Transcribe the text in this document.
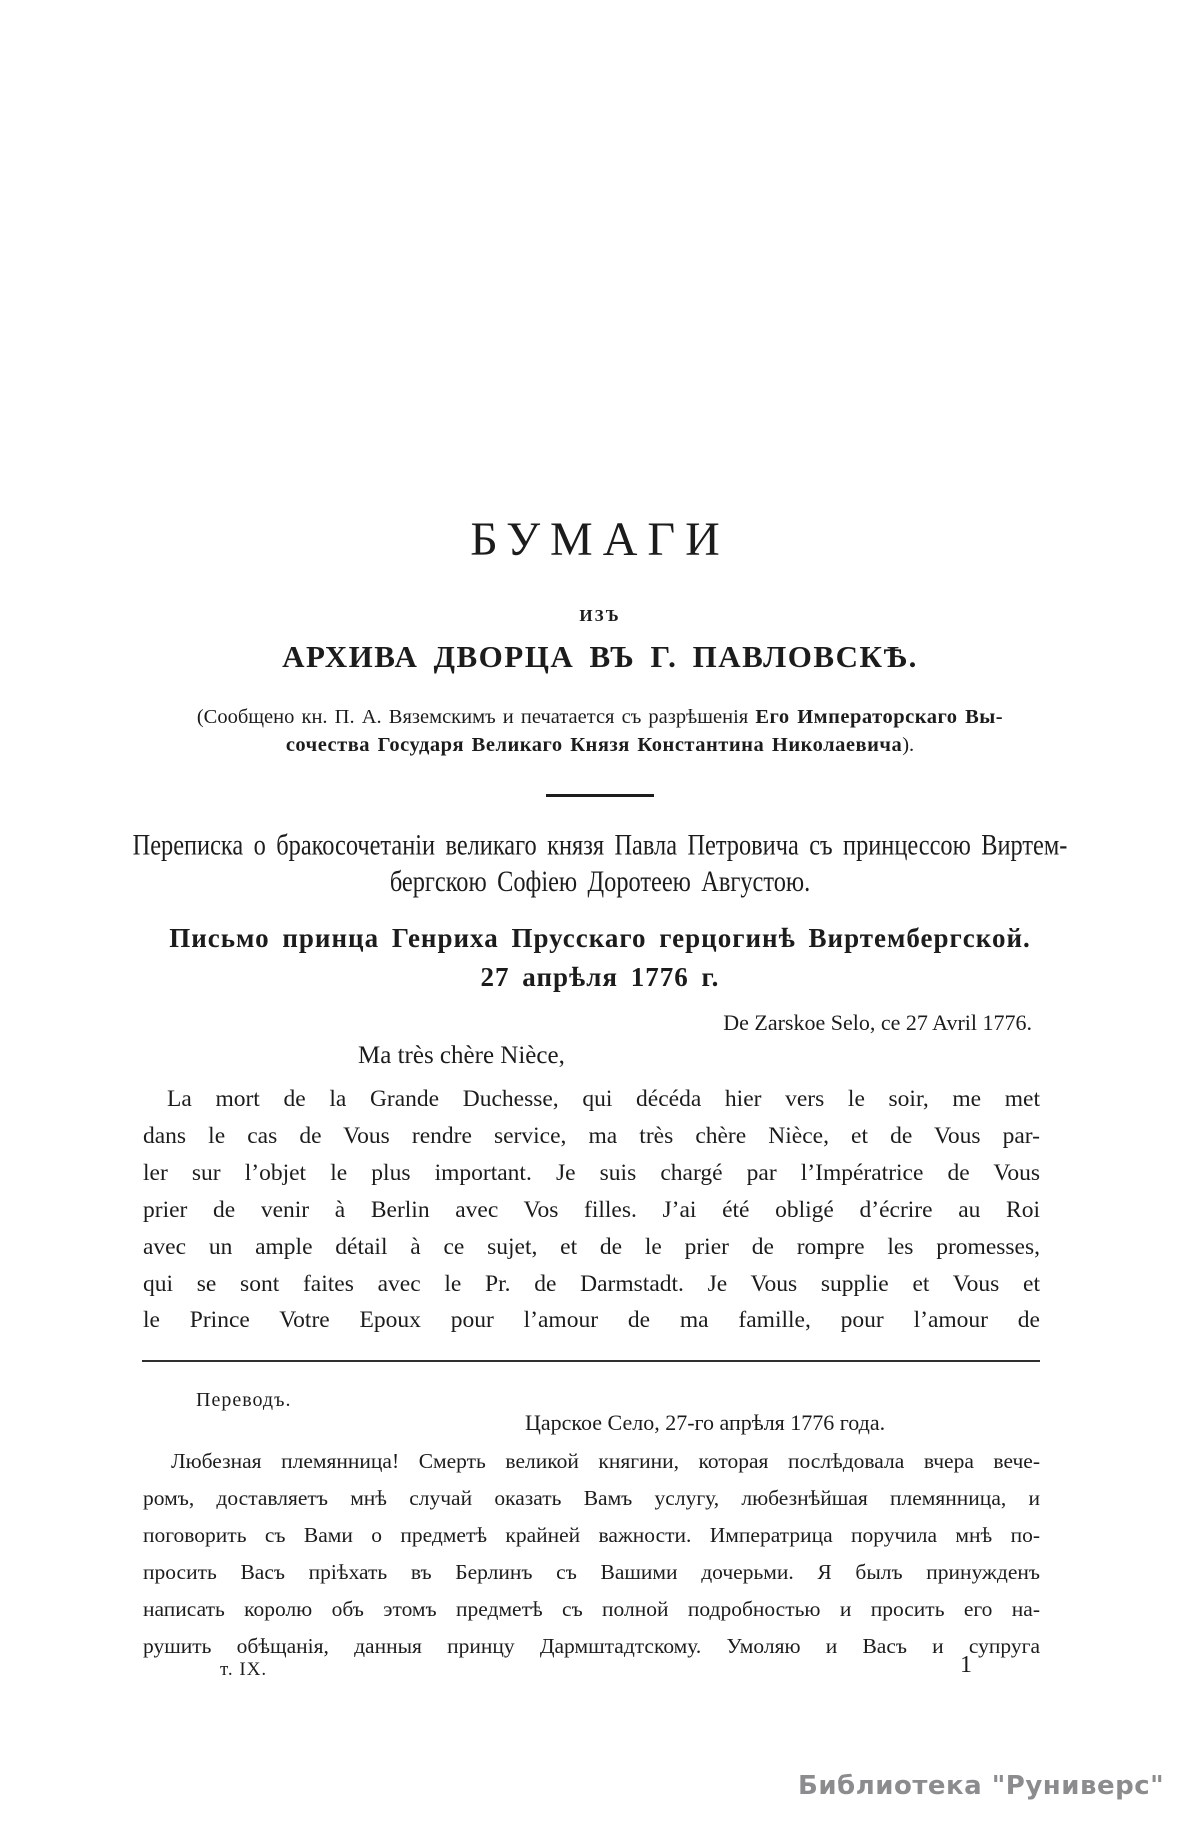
БУМАГИ
ИЗЪ
АРХИВА ДВОРЦА ВЪ Г. ПАВЛОВСКѢ.
(Сообщено кн. П. А. Вяземскимъ и печатается съ разрѣшенія Его Императорскаго Вы-
сочества Государя Великаго Князя Константина Николаевича).
Переписка о бракосочетаніи великаго князя Павла Петровича съ принцессою Виртем-
бергскою Софіею Доротеею Августою.
Письмо принца Генриха Прусскаго герцогинѣ Виртембергской.
27 апрѣля 1776 г.
De Zarskoe Selo, ce 27 Avril 1776.
Ma très chère Nièce,
La mort de la Grande Duchesse, qui décéda hier vers le soir, me met
dans le cas de Vous rendre service, ma très chère Nièce, et de Vous par-
ler sur l’objet le plus important. Je suis chargé par l’Impératrice de Vous
prier de venir à Berlin avec Vos filles. J’ai été obligé d’écrire au Roi
avec un ample détail à ce sujet, et de le prier de rompre les promesses,
qui se sont faites avec le Pr. de Darmstadt. Je Vous supplie et Vous et
le Prince Votre Epoux pour l’amour de ma famille, pour l’amour de
Переводъ.
Царское Село, 27-го апрѣля 1776 года.
Любезная племянница! Смерть великой княгини, которая послѣдовала вчера вече-
ромъ, доставляетъ мнѣ случай оказать Вамъ услугу, любезнѣйшая племянница, и
поговорить съ Вами о предметѣ крайней важности. Императрица поручила мнѣ по-
просить Васъ пріѣхать въ Берлинъ съ Вашими дочерьми. Я былъ принужденъ
написать королю объ этомъ предметѣ съ полной подробностью и просить его на-
рушить обѣщанія, данныя принцу Дармштадтскому. Умоляю и Васъ и супруга
т. IX.	1
Библиотека "Руниверс"
